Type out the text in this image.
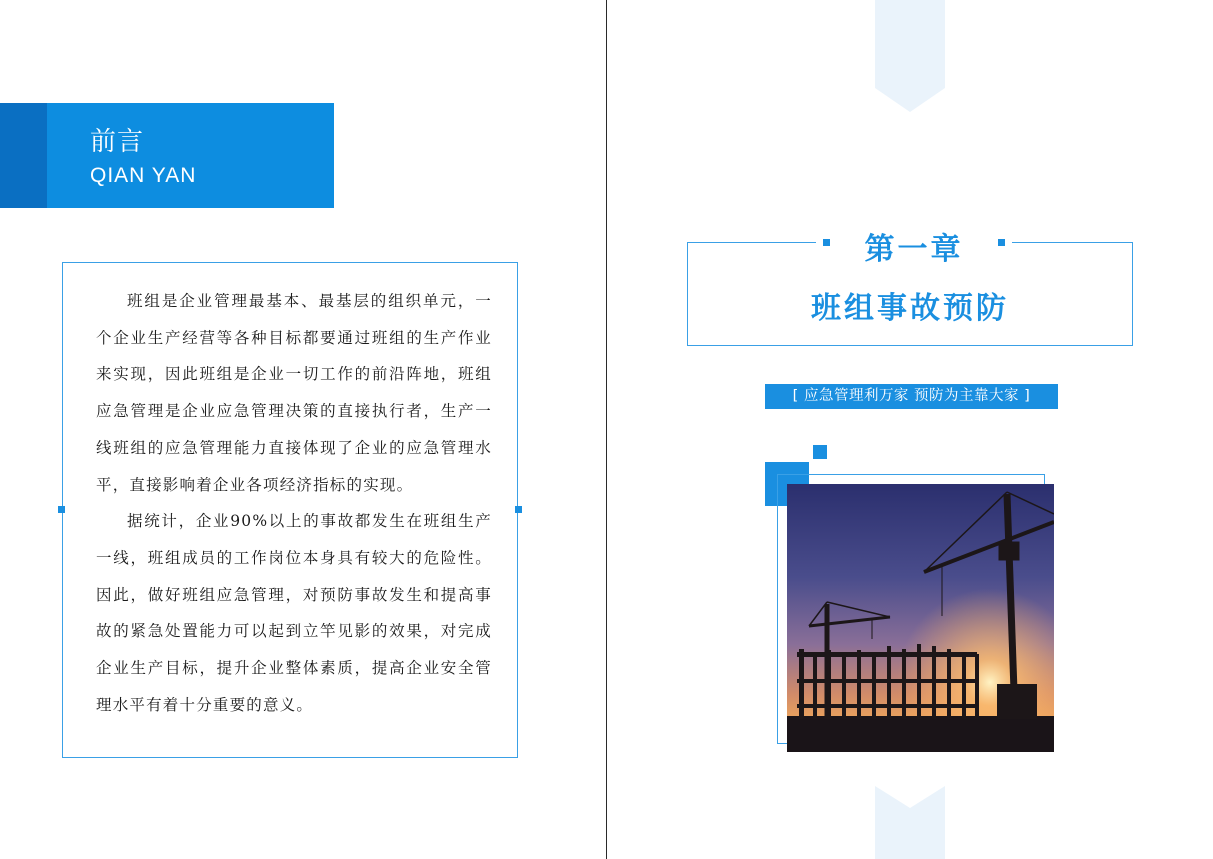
前言
QIAN YAN

班组是企业管理最基本、最基层的组织单元，一个企业生产经营等各种目标都要通过班组的生产作业来实现，因此班组是企业一切工作的前沿阵地，班组应急管理是企业应急管理决策的直接执行者，生产一线班组的应急管理能力直接体现了企业的应急管理水平，直接影响着企业各项经济指标的实现。

据统计，企业90%以上的事故都发生在班组生产一线，班组成员的工作岗位本身具有较大的危险性。因此，做好班组应急管理，对预防事故发生和提高事故的紧急处置能力可以起到立竿见影的效果，对完成企业生产目标，提升企业整体素质，提高企业安全管理水平有着十分重要的意义。

第一章
班组事故预防
[ 应急管理利万家 预防为主靠大家 ]
